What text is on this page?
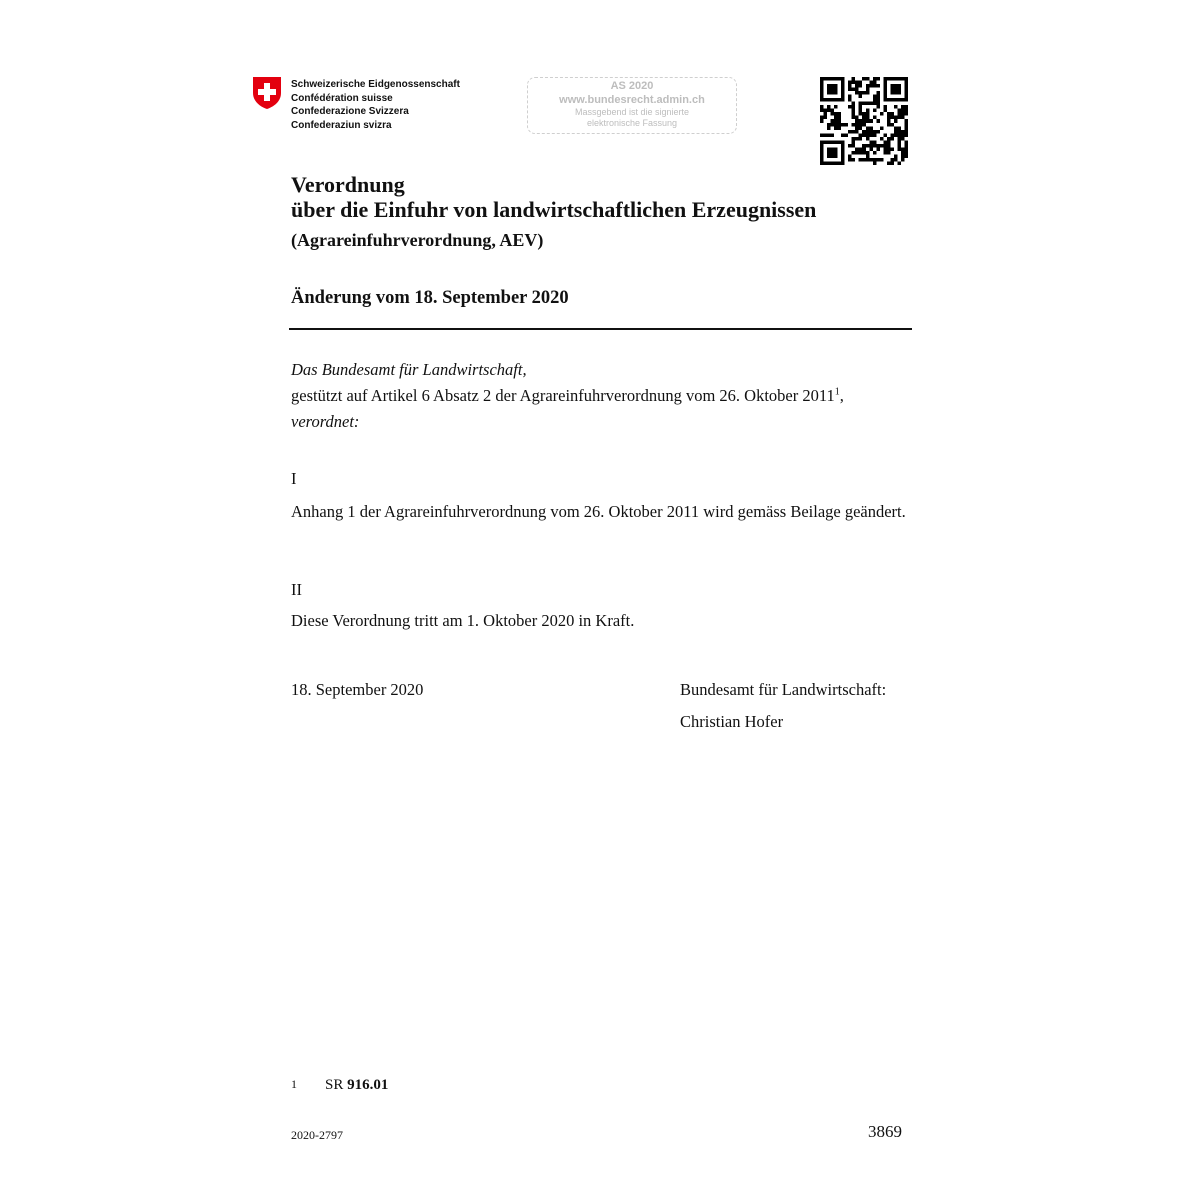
Schweizerische Eidgenossenschaft
Confédération suisse
Confederazione Svizzera
Confederaziun svizra
AS 2020
www.bundesrecht.admin.ch
Massgebend ist die signierte
elektronische Fassung
Verordnung
über die Einfuhr von landwirtschaftlichen Erzeugnissen
(Agrareinfuhrverordnung, AEV)
Änderung vom 18. September 2020
Das Bundesamt für Landwirtschaft,
gestützt auf Artikel 6 Absatz 2 der Agrareinfuhrverordnung vom 26. Oktober 2011$^1$,
verordnet:
I
Anhang 1 der Agrareinfuhrverordnung vom 26. Oktober 2011 wird gemäss Beilage geändert.
II
Diese Verordnung tritt am 1. Oktober 2020 in Kraft.
18. September 2020	Bundesamt für Landwirtschaft:
Christian Hofer
1 SR 916.01
2020-2797	3869
